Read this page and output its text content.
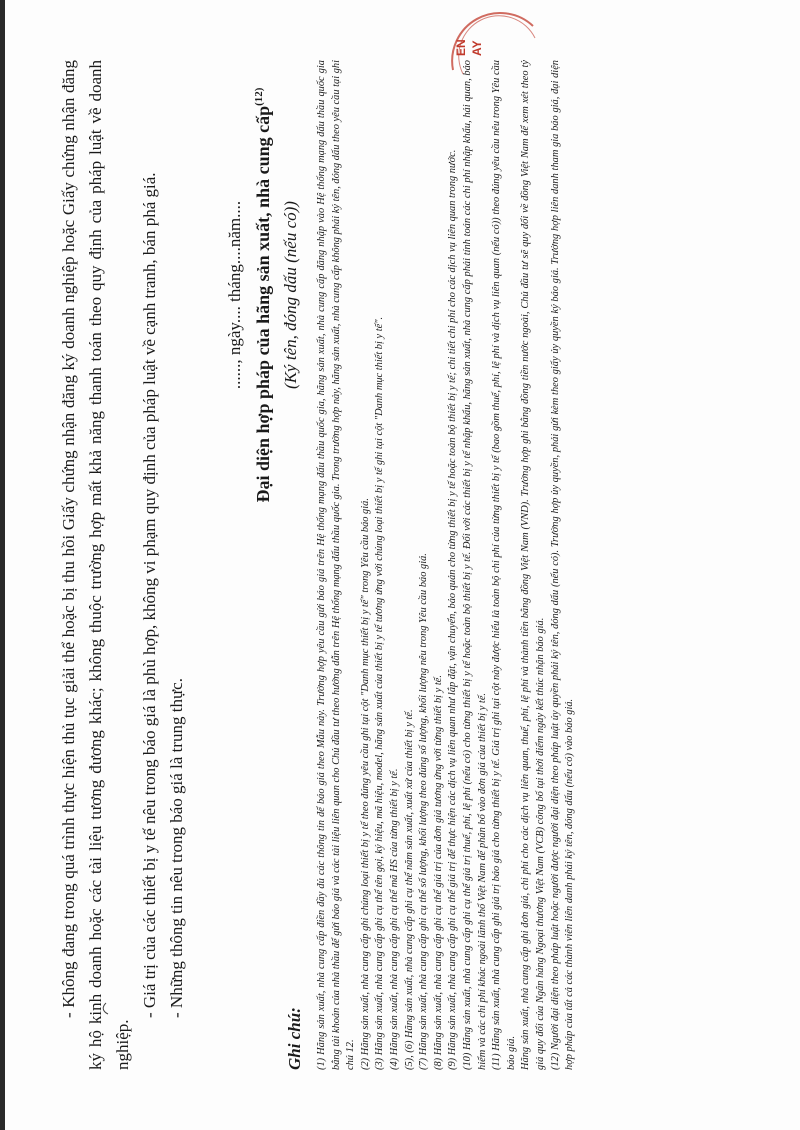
- Không đang trong quá trình thực hiện thủ tục giải thể hoặc bị thu hồi Giấy chứng nhận đăng ký doanh nghiệp hoặc Giấy chứng nhận đăng ký hộ kinh doanh hoặc các tài liệu tương đương khác; không thuộc trường hợp mất khả năng thanh toán theo quy định của pháp luật về doanh nghiệp.

- Giá trị của các thiết bị y tế nêu trong báo giá là phù hợp, không vi phạm quy định của pháp luật về cạnh tranh, bán phá giá. - Những thông tin nêu trong báo giá là trung thực.

......, ngày.... tháng....năm.... Đại diện hợp pháp của hãng sản xuất, nhà cung cấp$^{(12)}$
(Ký tên, đóng dấu (nếu có))
Ghi chú: (1) Hãng sản xuất, nhà cung cấp điền đầy đủ các thông tin để báo giá theo Mẫu này. Trường hợp yêu cầu gửi báo giá trên Hệ thống mạng đấu thầu quốc gia, hãng sản xuất, nhà cung cấp đăng nhập vào Hệ thống mạng đấu thầu quốc gia bằng tài khoản của nhà thầu để gửi báo giá và các tài liệu liên quan cho Chủ đầu tư theo hướng dẫn trên Hệ thống mạng đấu thầu quốc gia. Trong trường hợp này, hãng sản xuất, nhà cung cấp không phải ký tên, đóng dấu theo yêu cầu tại ghi chú 12. (2) Hãng sản xuất, nhà cung cấp ghi chủng loại thiết bị y tế theo đúng yêu cầu ghi tại cột "Danh mục thiết bị y tế" trong Yêu cầu báo giá. (3) Hãng sản xuất, nhà cung cấp ghi cụ thể tên gọi, ký hiệu, mã hiệu, model, hãng sản xuất của thiết bị y tế tương ứng với chủng loại thiết bị y tế ghi tại cột "Danh mục thiết bị y tế". (4) Hãng sản xuất, nhà cung cấp ghi cụ thể mã HS của từng thiết bị y tế. (5), (6) Hãng sản xuất, nhà cung cấp ghi cụ thể năm sản xuất, xuất xứ của thiết bị y tế. (7) Hãng sản xuất, nhà cung cấp ghi cụ thể số lượng, khối lượng theo đúng số lượng, khối lượng nêu trong Yêu cầu báo giá. (8) Hãng sản xuất, nhà cung cấp ghi cụ thể giá trị của đơn giá tương ứng với từng thiết bị y tế. (9) Hãng sản xuất, nhà cung cấp ghi cụ thể giá trị để thực hiện các dịch vụ liên quan như lắp đặt, vận chuyển, bảo quản cho từng thiết bị y tế hoặc toàn bộ thiết bị y tế; chi tiết chi phí cho các dịch vụ liên quan trong nước. (10) Hãng sản xuất, nhà cung cấp ghi cụ thể giá trị thuế, phí, lệ phí (nếu có) cho từng thiết bị y tế hoặc toàn bộ thiết bị y tế. Đối với các thiết bị y tế nhập khẩu, hãng sản xuất, nhà cung cấp phải tính toán các chi phí nhập khẩu, hải quan, bảo hiểm và các chi phí khác ngoài lãnh thổ Việt Nam để phân bổ vào đơn giá của thiết bị y tế. (11) Hãng sản xuất, nhà cung cấp ghi giá trị báo giá cho từng thiết bị y tế. Giá trị ghi tại cột này được hiểu là toàn bộ chi phí của từng thiết bị y tế (bao gồm thuế, phí, lệ phí và dịch vụ liên quan (nếu có)) theo đúng yêu cầu nêu trong Yêu cầu báo giá. Hãng sản xuất, nhà cung cấp ghi đơn giá, chi phí cho các dịch vụ liên quan, thuế, phí, lệ phí và thành tiền bằng đồng Việt Nam (VND). Trường hợp ghi bằng đồng tiền nước ngoài, Chủ đầu tư sẽ quy đổi về đồng Việt Nam để xem xét theo tỷ giá quy đổi của Ngân hàng Ngoại thương Việt Nam (VCB) công bố tại thời điểm ngày kết thúc nhận báo giá. (12) Người đại diện theo pháp luật hoặc người được người đại diện theo pháp luật ủy quyền phải ký tên, đóng dấu (nếu có). Trường hợp ủy quyền, phải gửi kèm theo giấy ủy quyền ký báo giá. Trường hợp liên danh tham gia báo giá, đại diện hợp pháp của tất cả các thành viên liên danh phải ký tên, đóng dấu (nếu có) vào báo giá.
EN AY
